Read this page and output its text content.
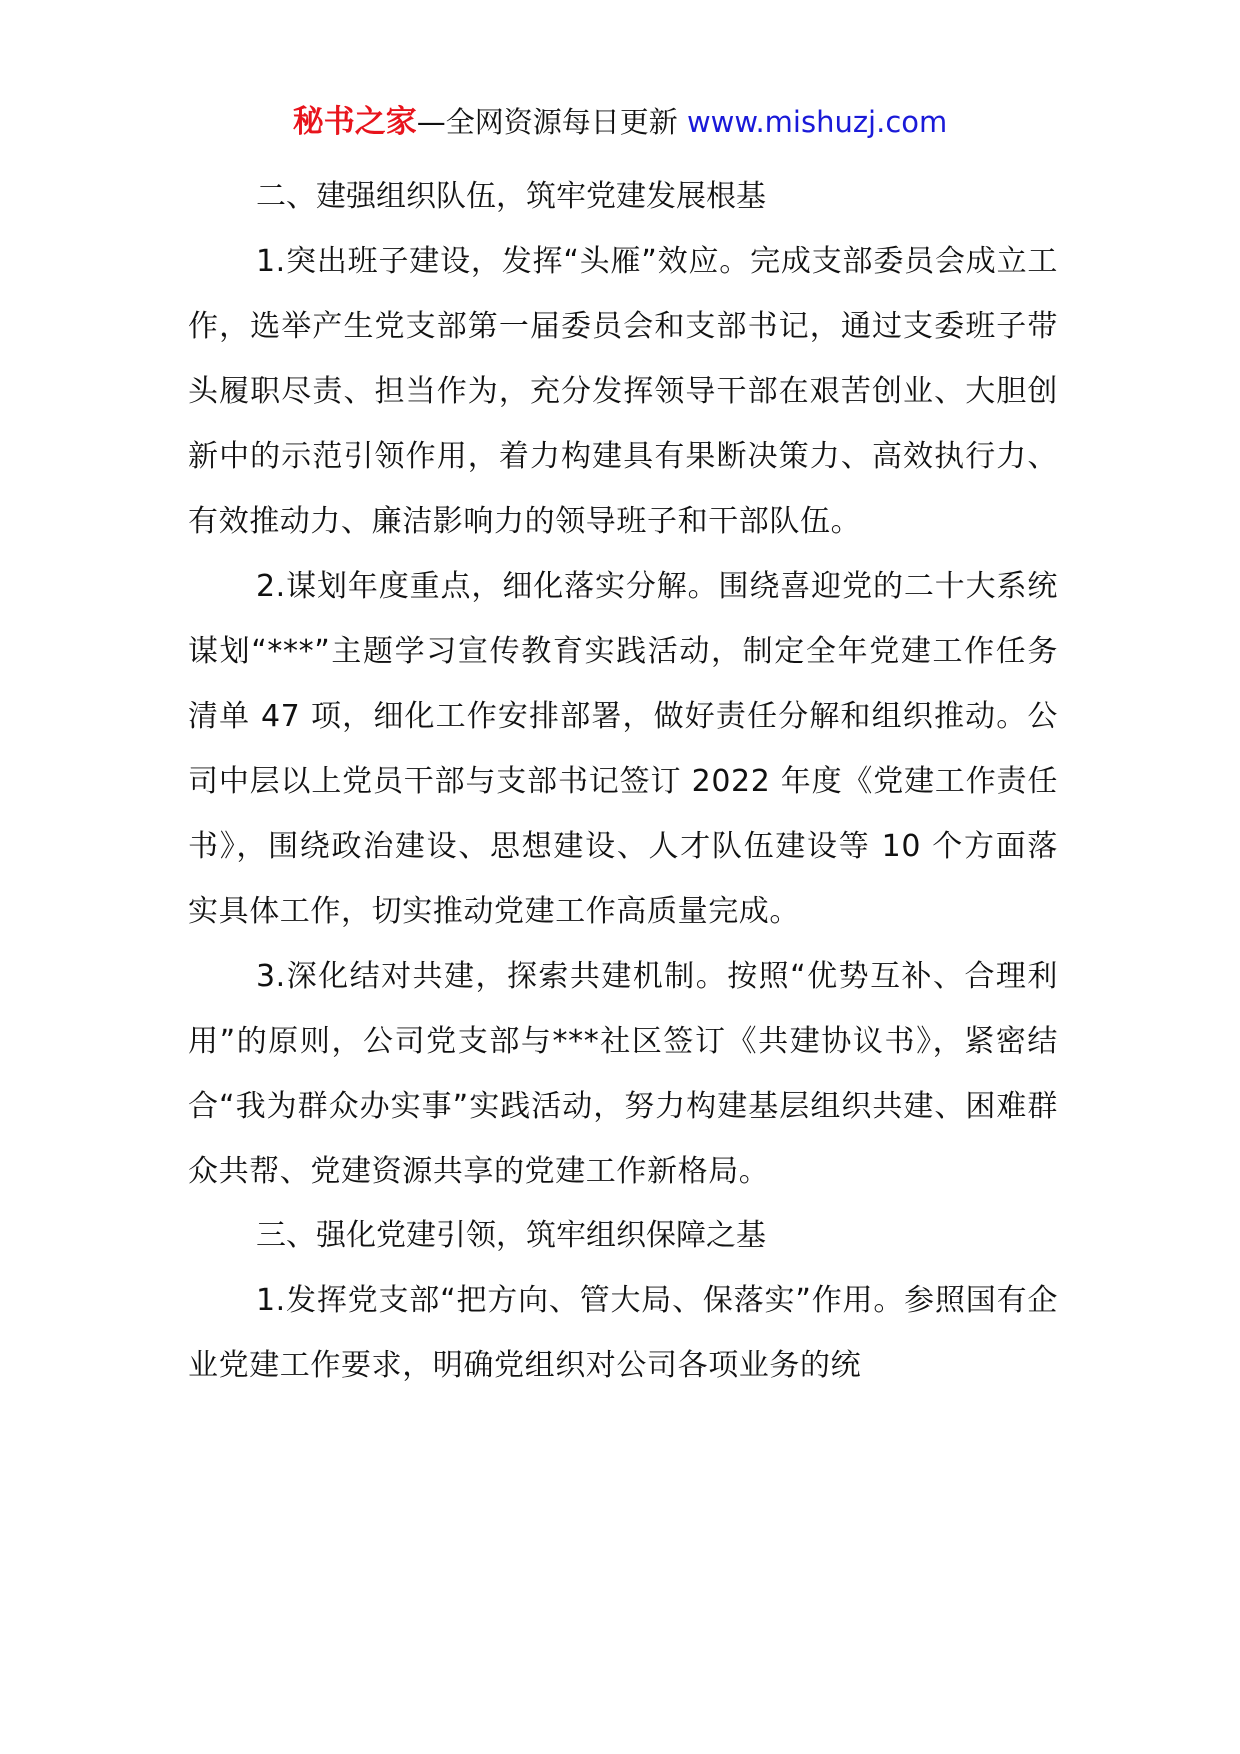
秘书之家—全网资源每日更新 www.mishuzj.com

二、建强组织队伍，筑牢党建发展根基

1.突出班子建设，发挥“头雁”效应。完成支部委员会成立工作，选举产生党支部第一届委员会和支部书记，通过支委班子带头履职尽责、担当作为，充分发挥领导干部在艰苦创业、大胆创新中的示范引领作用，着力构建具有果断决策力、高效执行力、有效推动力、廉洁影响力的领导班子和干部队伍。

2.谋划年度重点，细化落实分解。围绕喜迎党的二十大系统谋划“***”主题学习宣传教育实践活动，制定全年党建工作任务清单 47 项，细化工作安排部署，做好责任分解和组织推动。公司中层以上党员干部与支部书记签订 2022 年度《党建工作责任书》，围绕政治建设、思想建设、人才队伍建设等 10 个方面落实具体工作，切实推动党建工作高质量完成。

3.深化结对共建，探索共建机制。按照“优势互补、合理利用”的原则，公司党支部与***社区签订《共建协议书》，紧密结合“我为群众办实事”实践活动，努力构建基层组织共建、困难群众共帮、党建资源共享的党建工作新格局。

三、强化党建引领，筑牢组织保障之基

1.发挥党支部“把方向、管大局、保落实”作用。参照国有企业党建工作要求，明确党组织对公司各项业务的统
